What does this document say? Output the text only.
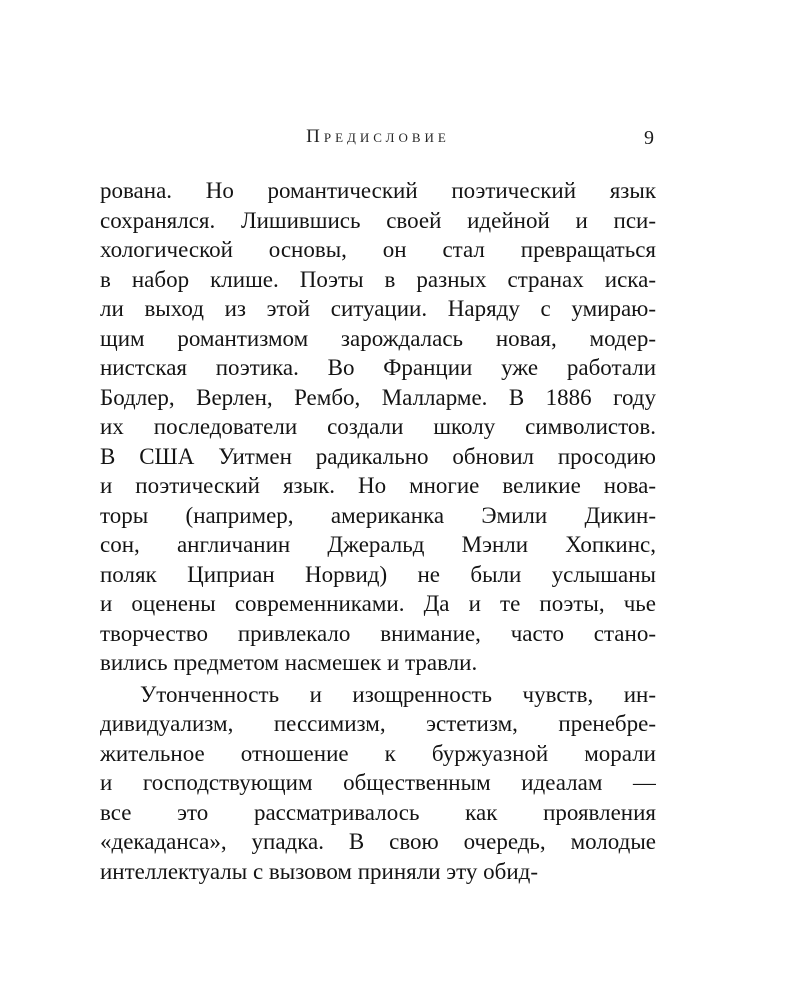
Предисловие	9
рована. Но романтический поэтический язык
сохранялся. Лишившись своей идейной и пси-
хологической основы, он стал превращаться
в набор клише. Поэты в разных странах иска-
ли выход из этой ситуации. Наряду с умираю-
щим романтизмом зарождалась новая, модер-
нистская поэтика. Во Франции уже работали
Бодлер, Верлен, Рембо, Малларме. В 1886 году
их последователи создали школу символистов.
В США Уитмен радикально обновил просодию
и поэтический язык. Но многие великие нова-
торы (например, американка Эмили Дикин-
сон, англичанин Джеральд Мэнли Хопкинс,
поляк Циприан Норвид) не были услышаны
и оценены современниками. Да и те поэты, чье
творчество привлекало внимание, часто стано-
вились предметом насмешек и травли.
Утонченность и изощренность чувств, ин-
дивидуализм, пессимизм, эстетизм, пренебре-
жительное отношение к буржуазной морали
и господствующим общественным идеалам —
все это рассматривалось как проявления
«декаданса», упадка. В свою очередь, молодые
интеллектуалы с вызовом приняли эту обид-
